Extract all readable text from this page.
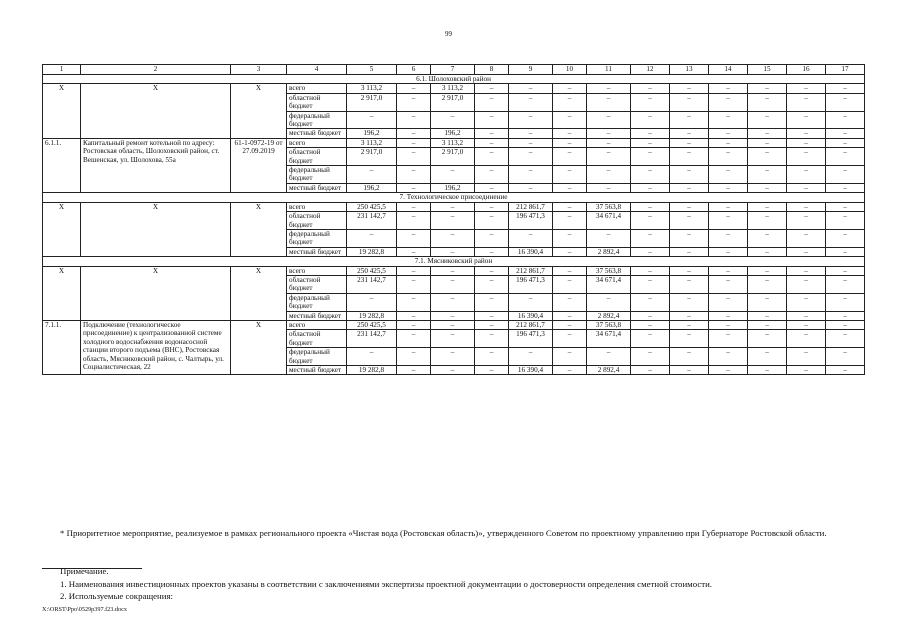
99
1	2	3	4	5	6	7	8	9	10	11	12	13	14	15	16	17
6.1. Шолоховский район																
Х	Х	Х	всего	3 113,2	–	3 113,2	–	–	–	–	–	–	–	–	–	–
			областной бюджет	2 917,0	–	2 917,0	–	–	–	–	–	–	–	–	–	–
			федеральный бюджет	–	–	–	–	–	–	–	–	–	–	–	–	–
			местный бюджет	196,2	–	196,2	–	–	–	–	–	–	–	–	–	–
6.1.1.	Капитальный ремонт котельной по адресу: Ростовская область, Шолоховский район, ст. Вешенская, ул. Шолохова, 55а	61-1-0972-19 от 27.09.2019	всего	3 113,2	–	3 113,2	–	–	–	–	–	–	–	–	–	–
			областной бюджет	2 917,0	–	2 917,0	–	–	–	–	–	–	–	–	–	–
			федеральный бюджет	–	–	–	–	–	–	–	–	–	–	–	–	–
			местный бюджет	196,2	–	196,2	–	–	–	–	–	–	–	–	–	–
7. Технологическое присоединение																
Х	Х	Х	всего	250 425,5	–	–	–	212 861,7	–	37 563,8	–	–	–	–	–	–
			областной бюджет	231 142,7	–	–	–	196 471,3	–	34 671,4	–	–	–	–	–	–
			федеральный бюджет	–	–	–	–	–	–	–	–	–	–	–	–	–
			местный бюджет	19 282,8	–	–	–	16 390,4	–	2 892,4	–	–	–	–	–	–
7.1. Мясниковский район																
Х	Х	Х	всего	250 425,5	–	–	–	212 861,7	–	37 563,8	–	–	–	–	–	–
			областной бюджет	231 142,7	–	–	–	196 471,3	–	34 671,4	–	–	–	–	–	–
			федеральный бюджет	–	–	–	–	–	–	–	–	–	–	–	–	–
			местный бюджет	19 282,8	–	–	–	16 390,4	–	2 892,4	–	–	–	–	–	–
7.1.1.	Подключение (технологическое присоединение) к централизованной системе холодного водоснабжения водонасосной станции второго подъема (ВНС), Ростовская область, Мясниковский район, с. Чалтырь, ул. Социалистическая, 22	Х	всего	250 425,5	–	–	–	212 861,7	–	37 563,8	–	–	–	–	–	–
			областной бюджет	231 142,7	–	–	–	196 471,3	–	34 671,4	–	–	–	–	–	–
			федеральный бюджет	–	–	–	–	–	–	–	–	–	–	–	–	–
			местный бюджет	19 282,8	–	–	–	16 390,4	–	2 892,4	–	–	–	–	–	–
* Приоритетное мероприятие, реализуемое в рамках регионального проекта «Чистая вода (Ростовская область)», утвержденного Советом по проектному управлению при Губернаторе Ростовской области.
Примечание.
1. Наименования инвестиционных проектов указаны в соответствии с заключениями экспертизы проектной документации о достоверности определения сметной стоимости.
2. Используемые сокращения:
X:\ORST\Ppo\0529p397.f23.docx
